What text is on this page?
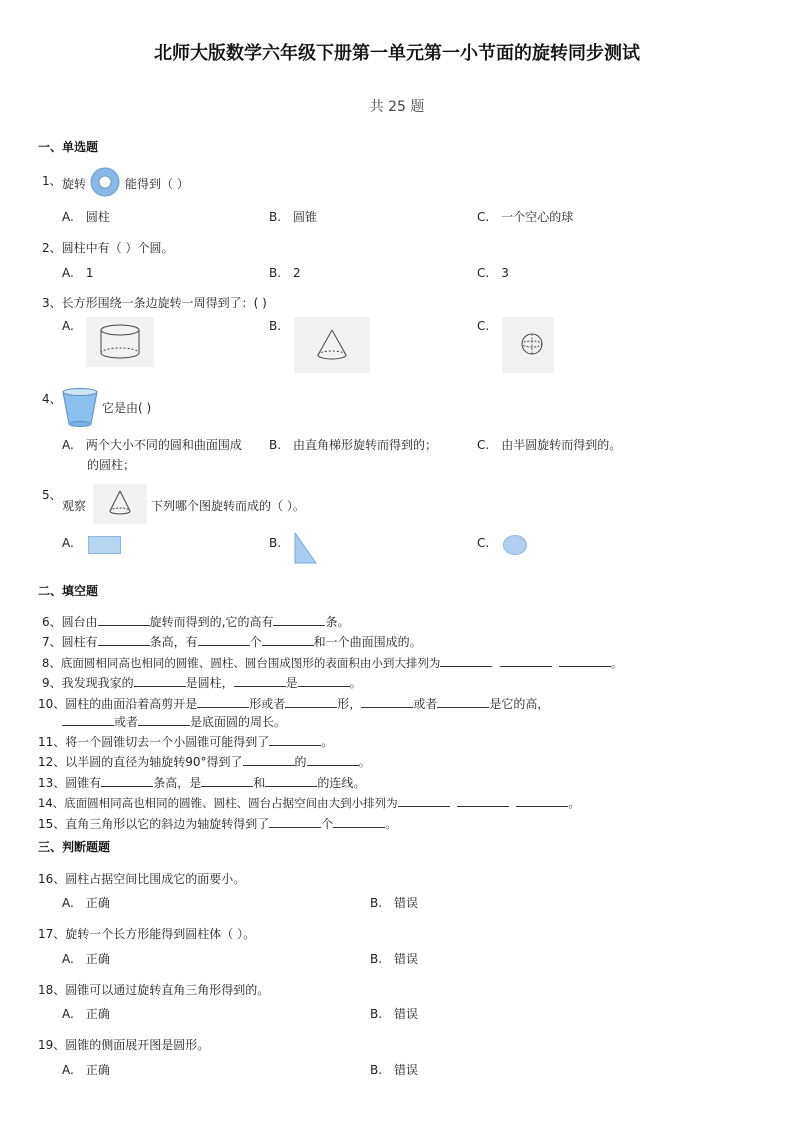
北师大版数学六年级下册第一单元第一小节面的旋转同步测试
共 25 题
一、单选题
1、 旋转	能得到（ ）
A.　圆柱	B.　圆锥	C.　一个空心的球
2、圆柱中有（ ）个圆。
A.　1	B.　2	C.　3
3、长方形围绕一条边旋转一周得到了：( )
A.	B.	C.
4、
它是由( )
A.　两个大小不同的圆和曲面围成
的圆柱；
B.　由直角梯形旋转而得到的；	C.　由半圆旋转而得到的。
5、
观察	下列哪个图旋转而成的（ ）。
A.	B.	C.
二、填空题
6、圆台由	旋转而得到的,它的高有	条。
7、圆柱有	条高，有	个	和一个曲面围成的。
8、底面圆相同高也相同的圆锥、圆柱、圆台围成图形的表面积由小到大排列为	。
9、我发现我家的	是圆柱，	是	。
10、圆柱的曲面沿着高剪开是	形或者	形，	或者	是它的高，
或者	是底面圆的周长。
11、将一个圆锥切去一个小圆锥可能得到了	。
12、以半圆的直径为轴旋转90°得到了	的	。
13、圆锥有	条高，是	和	的连线。
14、底面圆相同高也相同的圆锥、圆柱、圆台占据空间由大到小排列为	。
15、直角三角形以它的斜边为轴旋转得到了	个	。
三、判断题题
16、圆柱占据空间比围成它的面要小。
A.　正确	B.　错误
17、旋转一个长方形能得到圆柱体（ ）。
A.　正确	B.　错误
18、圆锥可以通过旋转直角三角形得到的。
A.　正确	B.　错误
19、圆锥的侧面展开图是圆形。
A.　正确	B.　错误
